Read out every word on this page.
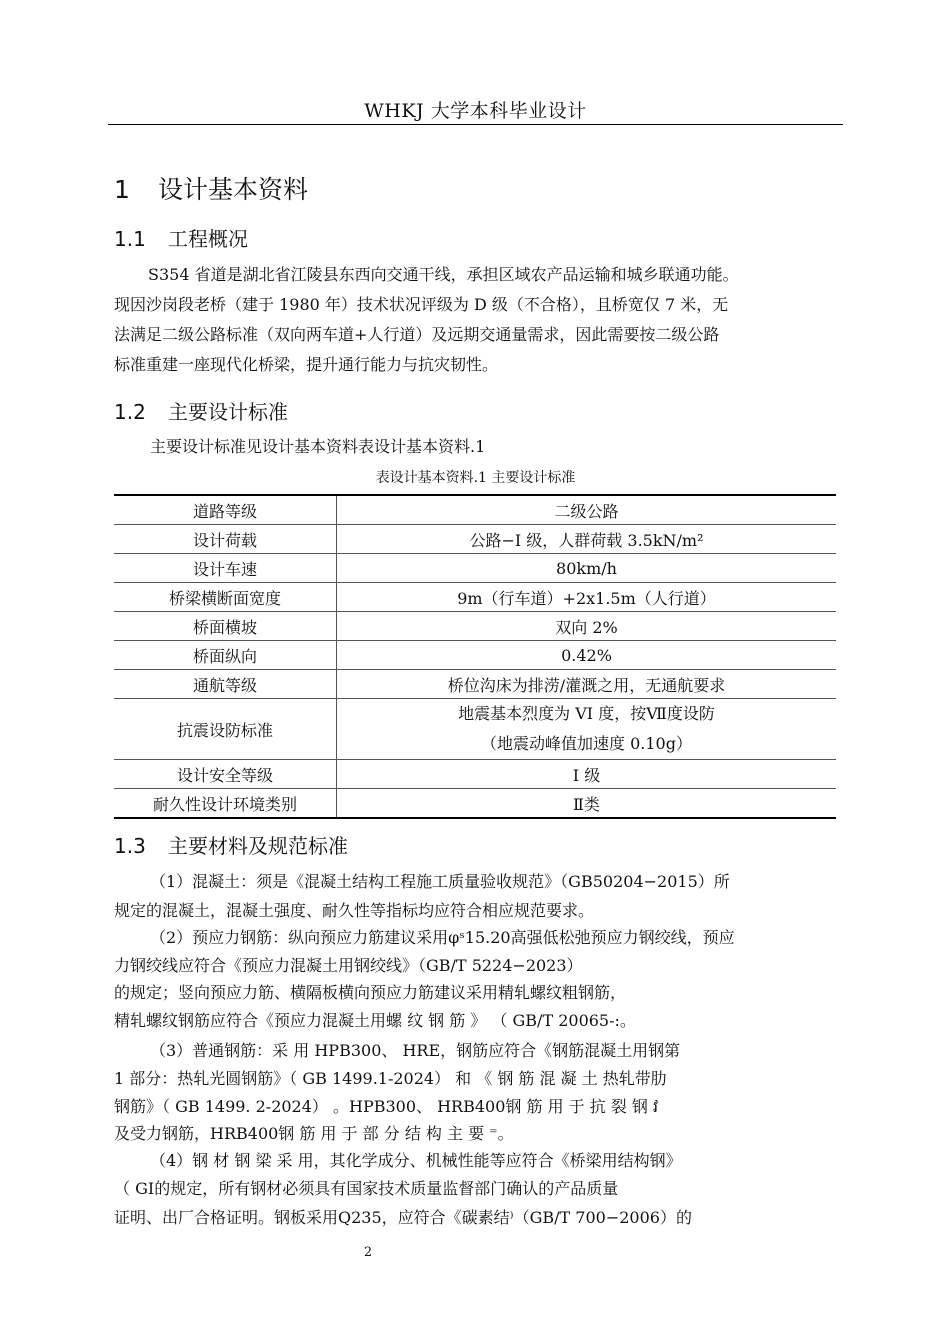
WHKJ 大学本科毕业设计
1 设计基本资料
1.1 工程概况
S354 省道是湖北省江陵县东西向交通干线，承担区域农产品运输和城乡联通功能。
现因沙岗段老桥（建于 1980 年）技术状况评级为 D 级（不合格），且桥宽仅 7 米，无
法满足二级公路标准（双向两车道+人行道）及远期交通量需求，因此需要按二级公路
标准重建一座现代化桥梁，提升通行能力与抗灾韧性。
1.2 主要设计标准
主要设计标准见设计基本资料表设计基本资料.1
表设计基本资料.1 主要设计标准
道路等级	二级公路
设计荷载	公路−I 级，人群荷载 3.5kN/m²
设计车速	80km/h
桥梁横断面宽度	9m（行车道）+2x1.5m（人行道）
桥面横坡	双向 2%
桥面纵向	0.42%
通航等级	桥位沟床为排涝/灌溉之用，无通航要求
抗震设防标准	地震基本烈度为 VI 度，按Ⅶ度设防
（地震动峰值加速度 0.10g）

设计安全等级	I 级
耐久性设计环境类别	Ⅱ类
1.3 主要材料及规范标准
（1）混凝土：须是《混凝土结构工程施工质量验收规范》（GB50204−2015）所
规定的混凝土，混凝土强度、耐久性等指标均应符合相应规范要求。
（2）预应力钢筋：纵向预应力筋建议采用φˢ15.20高强低松弛预应力钢绞线，预应
力钢绞线应符合《预应力混凝土用钢绞线》（GB/T 5224−2023）
的规定；竖向预应力筋、横隔板横向预应力筋建议采用精轧螺纹粗钢筋，
精轧螺纹钢筋应符合《预应力混凝土用螺 纹 钢 筋 》 （ GB/T 20065-:。
（3）普通钢筋：采 用 HPB300、 HRE，钢筋应符合《钢筋混凝土用钢第
1 部分：热轧光圆钢筋》（ GB 1499.1-2024） 和 《 钢 筋 混 凝 土 热轧带肋
钢筋》（ GB 1499. 2-2024） 。HPB300、 HRB400钢 筋 用 于 抗 裂 钢 វ
及受力钢筋，HRB400钢 筋 用 于 部 分 结 构 主 要 ⁼。
（4）钢 材 钢 梁 采 用，其化学成分、机械性能等应符合《桥梁用结构钢》
（ GI的规定，所有钢材必须具有国家技术质量监督部门确认的产品质量
证明、出厂合格证明。钢板采用Q235，应符合《碳素结⁾（GB/T 700−2006）的
2
